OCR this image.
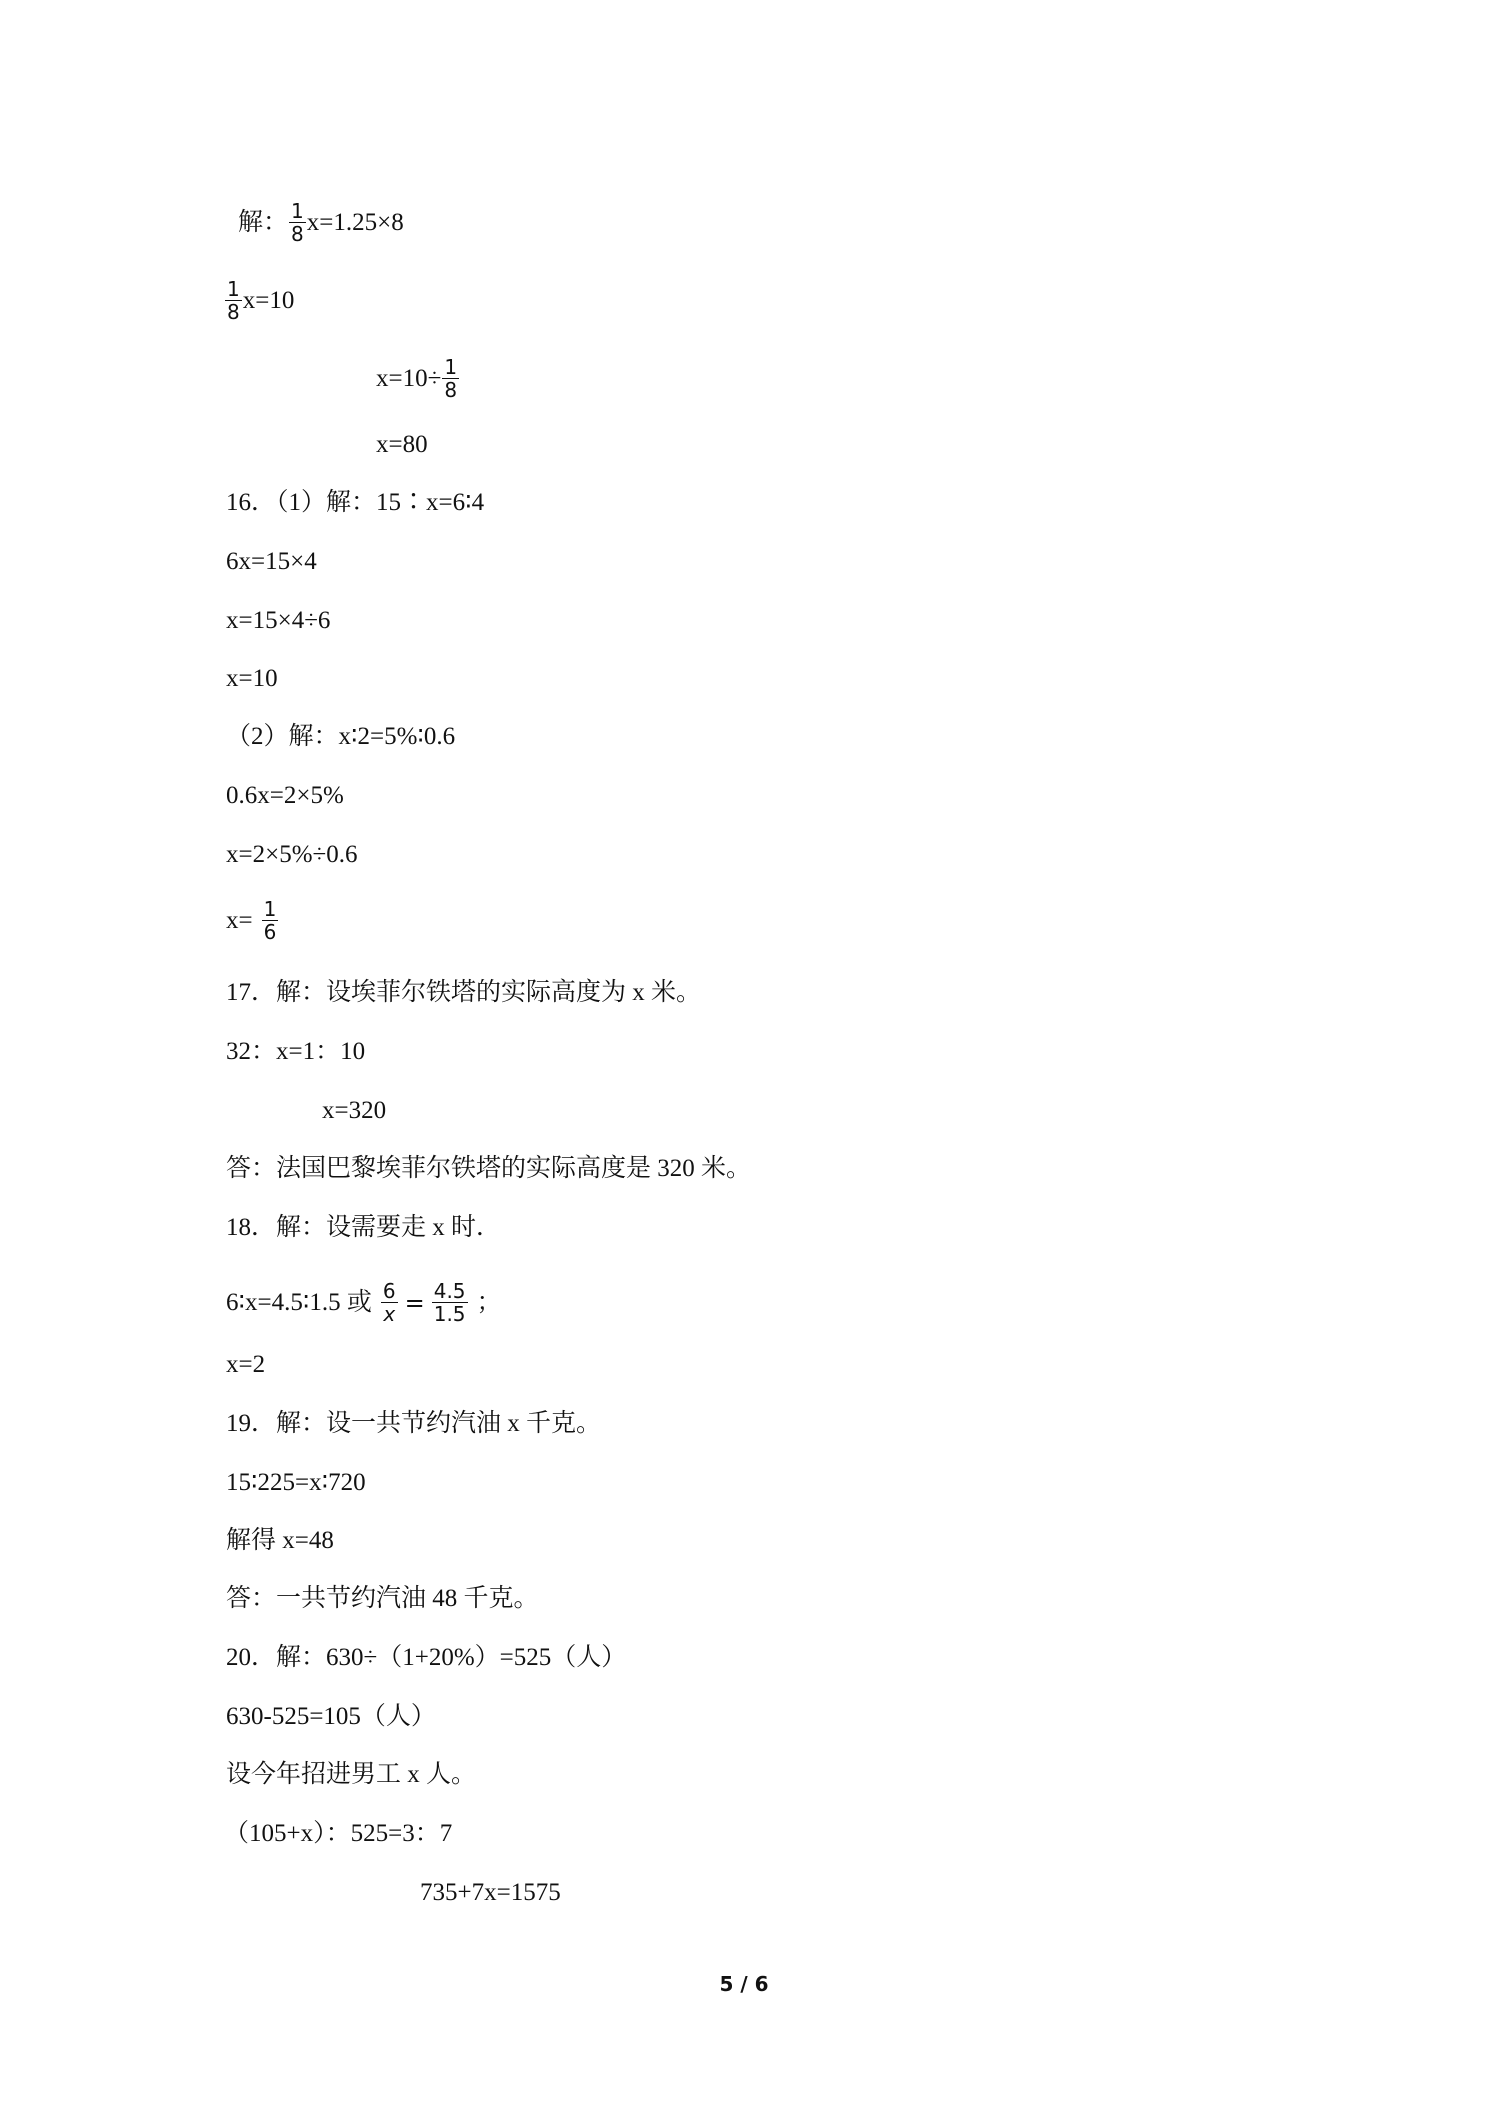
解： $\frac{1}{8} x=1.25\times 8$
$\frac{1}{8} x=10$
$x=10\div \frac{1}{8}$
x=80
16．（1）解：15∶x=6∶4
6x=15×4
x=15×4÷6
x=10
（2）解：x∶2=5%∶0.6
0.6x=2×5%
x=2×5%÷0.6
$x= \frac{1}{6}$
17．解：设埃菲尔铁塔的实际高度为 x 米。
32：x=1：10
x=320
答：法国巴黎埃菲尔铁塔的实际高度是 320 米。
18．解：设需要走 x 时．
6∶x=4.5∶1.5 或 $\frac{6}{x} = \frac{4.5}{1.5}$ ；
x=2
19．解：设一共节约汽油 x 千克。
15∶225=x∶720
解得 x=48
答：一共节约汽油 48 千克。
20．解：630÷（1+20%）=525（人）
630-525=105（人）
设今年招进男工 x 人。
（105+x）：525=3：7
735+7x=1575
5 / 6
